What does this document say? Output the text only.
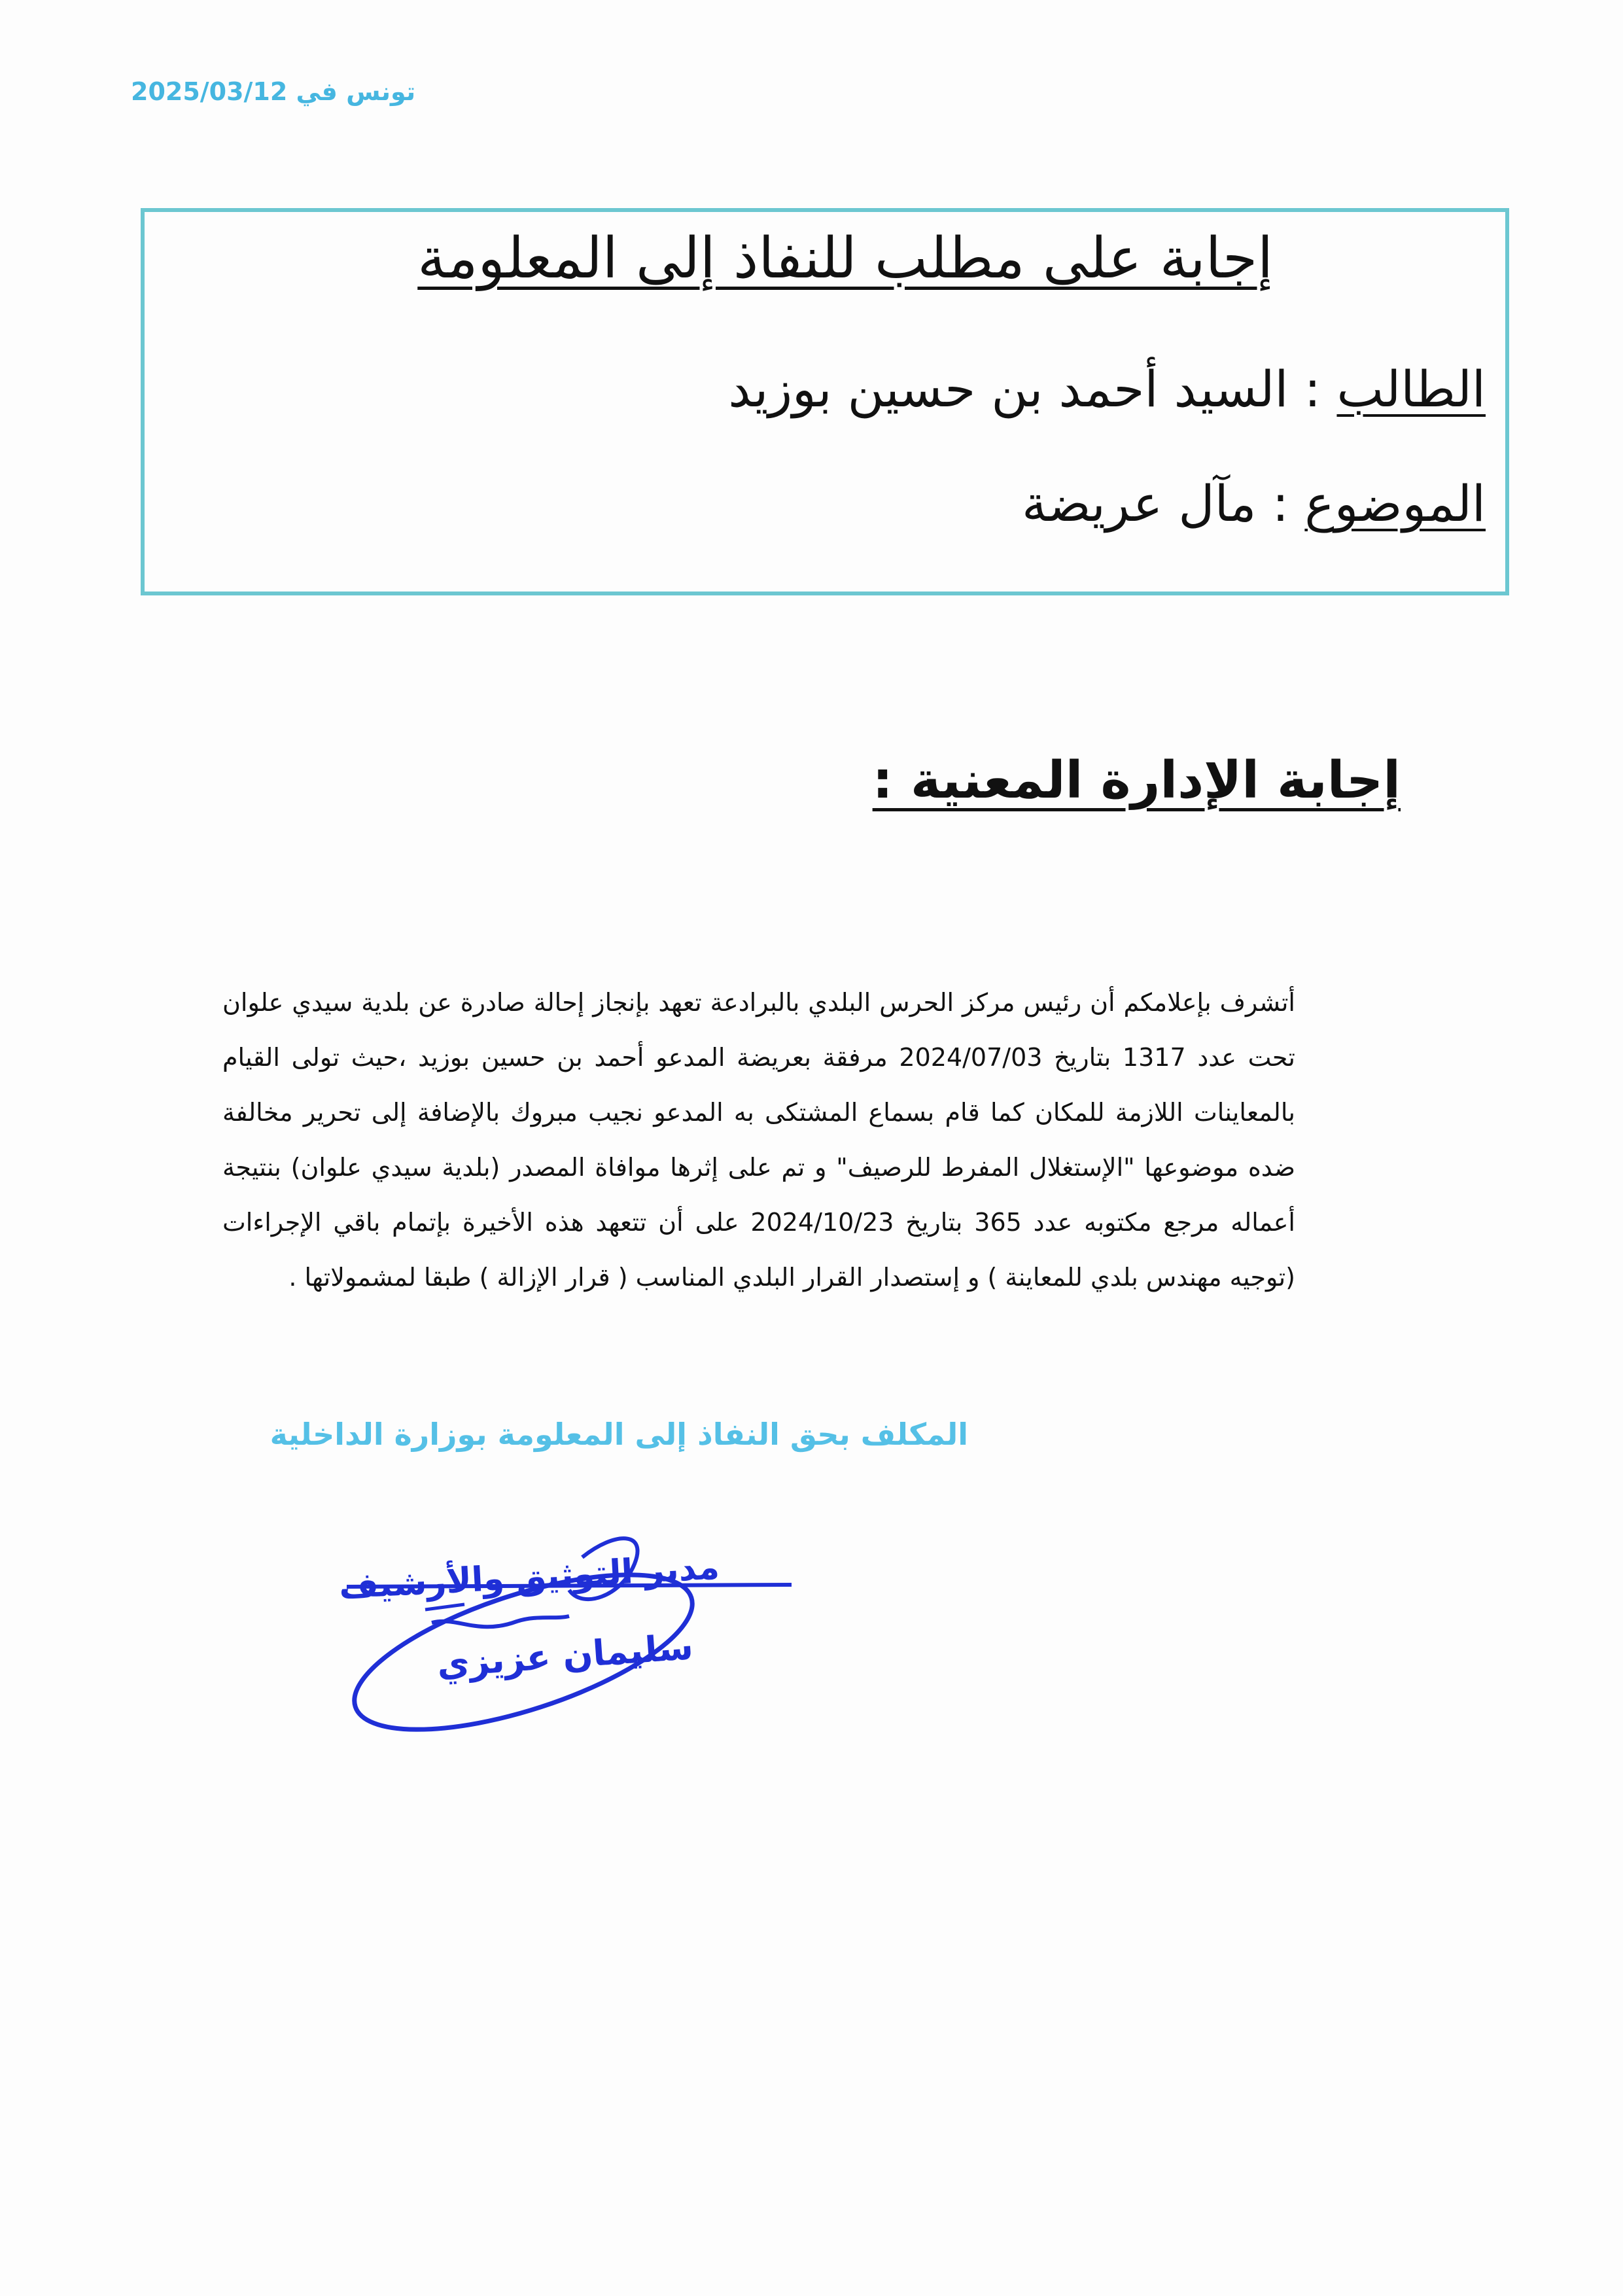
تونس في 2025/03/12
إجابة على مطلب للنفاذ إلى المعلومة
الطالب : السيد أحمد بن حسين بوزيد
الموضوع : مآل عريضة
إجابة الإدارة المعنية :
أتشرف بإعلامكم أن رئيس مركز الحرس البلدي بالبرادعة تعهد بإنجاز إحالة صادرة عن بلدية سيدي علوان تحت عدد 1317 بتاريخ 2024/07/03 مرفقة بعريضة المدعو أحمد بن حسين بوزيد ،حيث تولى القيام بالمعاينات اللازمة للمكان كما قام بسماع المشتكى به المدعو نجيب مبروك بالإضافة إلى تحرير مخالفة ضده موضوعها "الإستغلال المفرط للرصيف" و تم على إثرها موافاة المصدر (بلدية سيدي علوان) بنتيجة أعماله مرجع مكتوبه عدد 365 بتاريخ 2024/10/23 على أن تتعهد هذه الأخيرة بإتمام باقي الإجراءات (توجيه مهندس بلدي للمعاينة ) و إستصدار القرار البلدي المناسب ( قرار الإزالة ) طبقا لمشمولاتها .
المكلف بحق النفاذ إلى المعلومة بوزارة الداخلية
مدير التوثيق والأرشيف
سليمان عزيزي
